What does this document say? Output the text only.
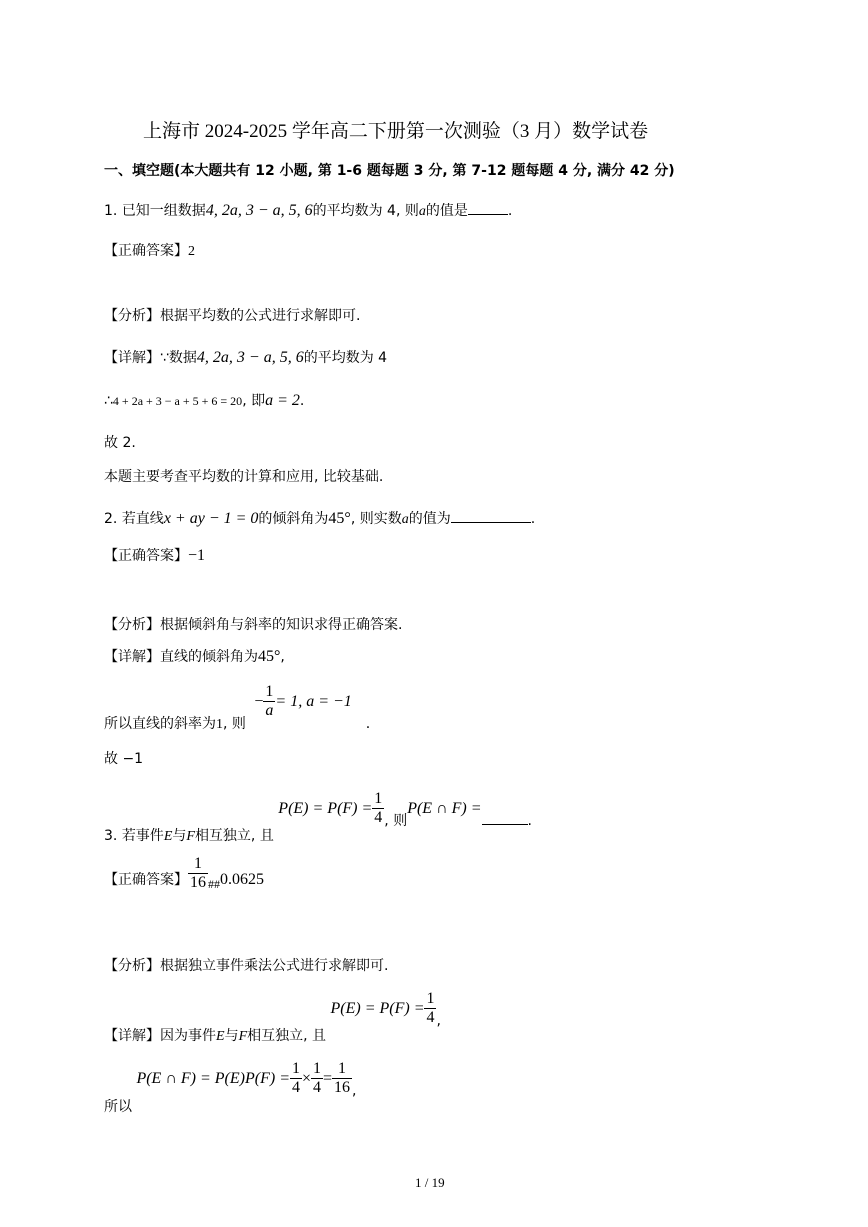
上海市 2024-2025 学年高二下册第一次测验（3 月）数学试卷
一、填空题(本大题共有 12 小题, 第 1-6 题每题 3 分, 第 7-12 题每题 4 分, 满分 42 分)
1. 已知一组数据4, 2a, 3 − a, 5, 6的平均数为 4, 则a的值是	.
【正确答案】2
【分析】根据平均数的公式进行求解即可.
【详解】∵数据4, 2a, 3 − a, 5, 6的平均数为 4
∴4 + 2a + 3 − a + 5 + 6 = 20, 即a = 2.
故 2.
本题主要考查平均数的计算和应用, 比较基础.
2. 若直线x + ay − 1 = 0的倾斜角为45°, 则实数a的值为	.
【正确答案】−1
【分析】根据倾斜角与斜率的知识求得正确答案.
【详解】直线的倾斜角为45°,
所以直线的斜率为1, 则 − $\frac{1}{a} = 1$, a = −1.
故 −1
3. 若事件E与F相互独立, 且 $P(E) = P(F) = \frac{1}{4}$ , 则P(E ∩ F) =.
【正确答案】 $\frac{1}{16}$ ##0.0625
【分析】根据独立事件乘法公式进行求解即可.
【详解】因为事件E与F相互独立, 且 $P(E) = P(F) = \frac{1}{4}$ ,
所以 P(E ∩ $F) = P(E)P(F) = \frac{1}{4} \times \frac{1}{4} = \frac{1}{16}$ ,
1 / 19
